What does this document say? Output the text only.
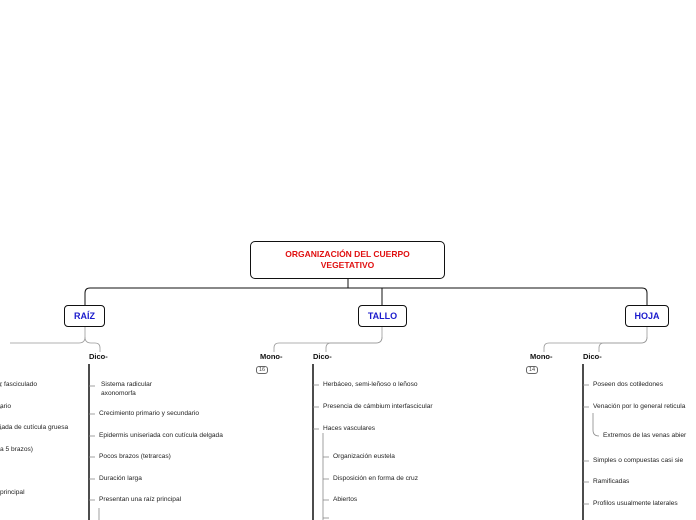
ORGANIZACIÓN DEL CUERPO
VEGETATIVO
RAÍZ	TALLO	HOJA
Dico-
Sistema radicular
axonomorfa
Crecimiento primario y secundario
Epidermis uniseriada con cutícula delgada
Pocos brazos (tetrarcas)
Duración larga
Presentan una raíz principal
r fasciculado
ario
iada de cutícula gruesa
a 5 brazos)
principal
Mono-
16
Dico-
Herbáceo, semi-leñoso o leñoso
Presencia de cámbium interfascicular
Haces vasculares
Organización eustela
Disposición en forma de cruz
Abiertos
Mono-
14
Dico-
Poseen dos cotiledones
Venación por lo general reticula
Extremos de las venas abier
Simples o compuestas casi sie
Ramificadas
Profilos usualmente laterales
